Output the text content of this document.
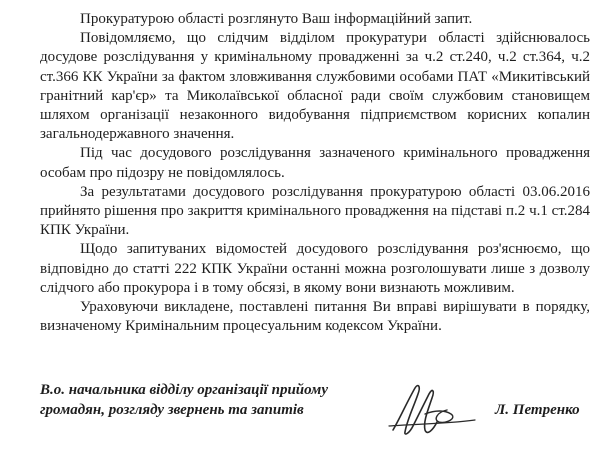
Прокуратурою області розглянуто Ваш інформаційний запит.

Повідомляємо, що слідчим відділом прокуратури області здійснювалось досудове розслідування у кримінальному провадженні за ч.2 ст.240, ч.2 ст.364, ч.2 ст.366 КК України за фактом зловживання службовими особами ПАТ «Микитівський гранітний кар'єр» та Миколаївської обласної ради своїм службовим становищем шляхом організації незаконного видобування підприємством корисних копалин загальнодержавного значення.

Під час досудового розслідування зазначеного кримінального провадження особам про підозру не повідомлялось.

За результатами досудового розслідування прокуратурою області 03.06.2016 прийнято рішення про закриття кримінального провадження на підставі п.2 ч.1 ст.284 КПК України.

Щодо запитуваних відомостей досудового розслідування роз'яснюємо, що відповідно до статті 222 КПК України останні можна розголошувати лише з дозволу слідчого або прокурора і в тому обсязі, в якому вони визнають можливим.

Ураховуючи викладене, поставлені питання Ви вправі вирішувати в порядку, визначеному Кримінальним процесуальним кодексом України.

В.о. начальника відділу організації прийому
громадян, розгляду звернень та запитів	Л. Петренко
